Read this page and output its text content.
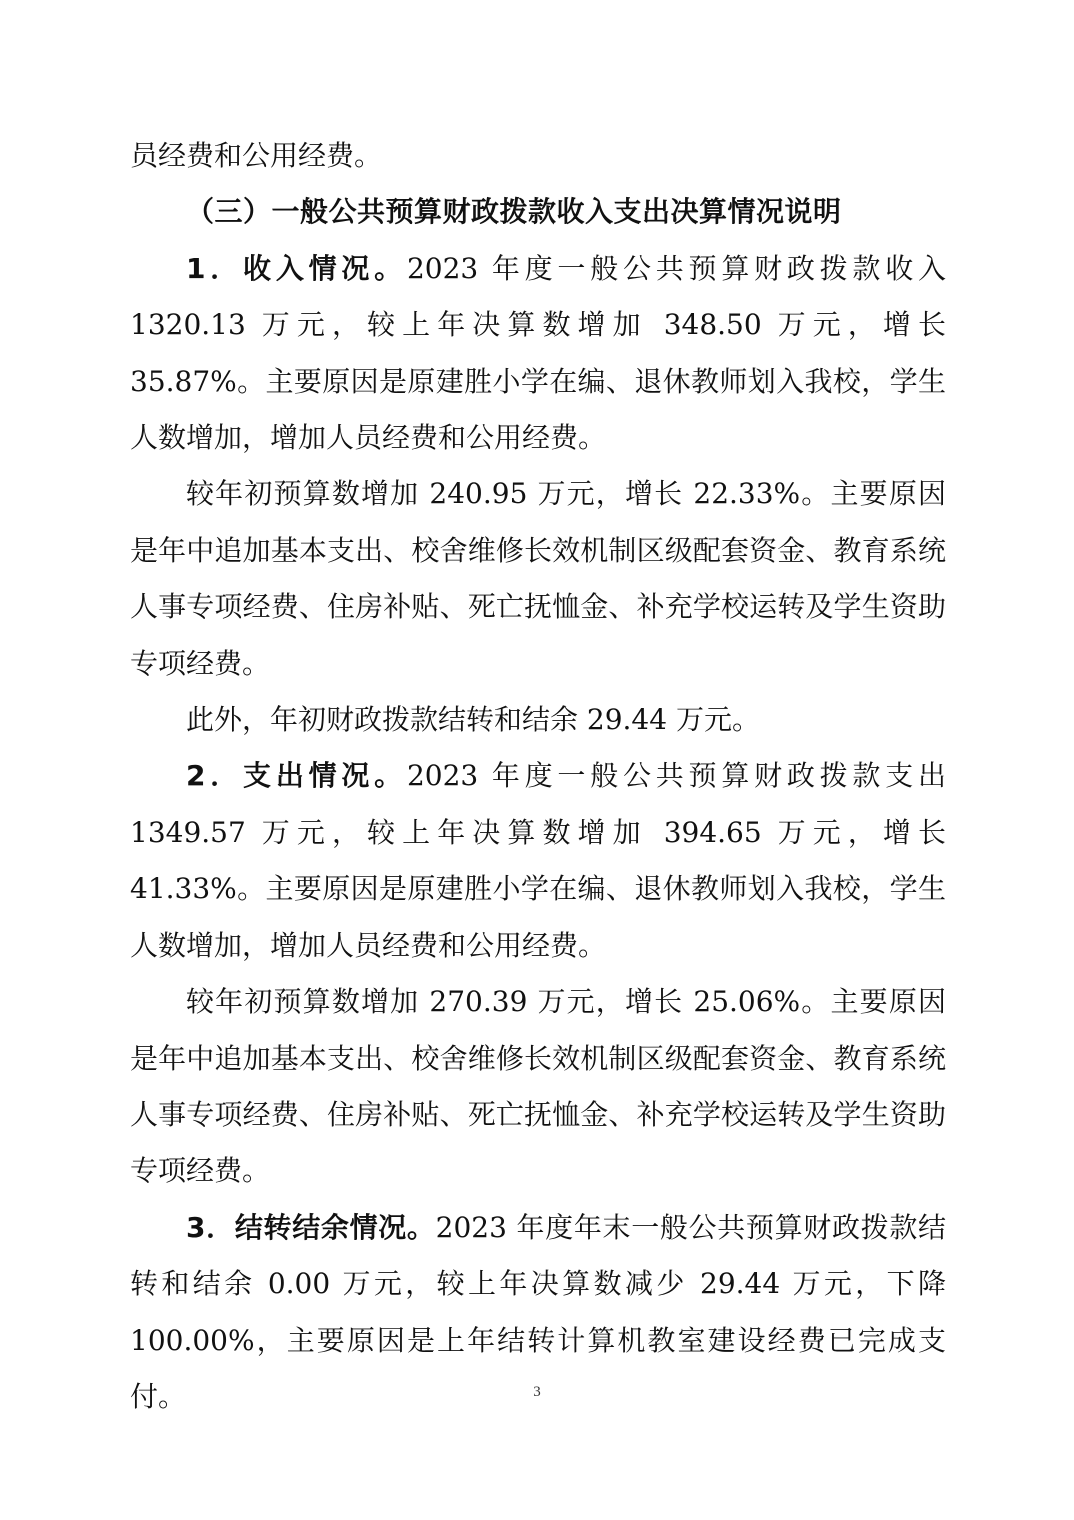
员经费和公用经费。

（三）一般公共预算财政拨款收入支出决算情况说明

1．收入情况。2023 年度一般公共预算财政拨款收入 1320.13 万元，较上年决算数增加 348.50 万元，增长 35.87%。主要原因是原建胜小学在编、退休教师划入我校，学生人数增加，增加人员经费和公用经费。

较年初预算数增加 240.95 万元，增长 22.33%。主要原因是年中追加基本支出、校舍维修长效机制区级配套资金、教育系统人事专项经费、住房补贴、死亡抚恤金、补充学校运转及学生资助专项经费。

此外，年初财政拨款结转和结余 29.44 万元。

2．支出情况。2023 年度一般公共预算财政拨款支出 1349.57 万元，较上年决算数增加 394.65 万元，增长 41.33%。主要原因是原建胜小学在编、退休教师划入我校，学生人数增加，增加人员经费和公用经费。

较年初预算数增加 270.39 万元，增长 25.06%。主要原因是年中追加基本支出、校舍维修长效机制区级配套资金、教育系统人事专项经费、住房补贴、死亡抚恤金、补充学校运转及学生资助专项经费。

3．结转结余情况。2023 年度年末一般公共预算财政拨款结转和结余 0.00 万元，较上年决算数减少 29.44 万元，下降 100.00%，主要原因是上年结转计算机教室建设经费已完成支付。	3
